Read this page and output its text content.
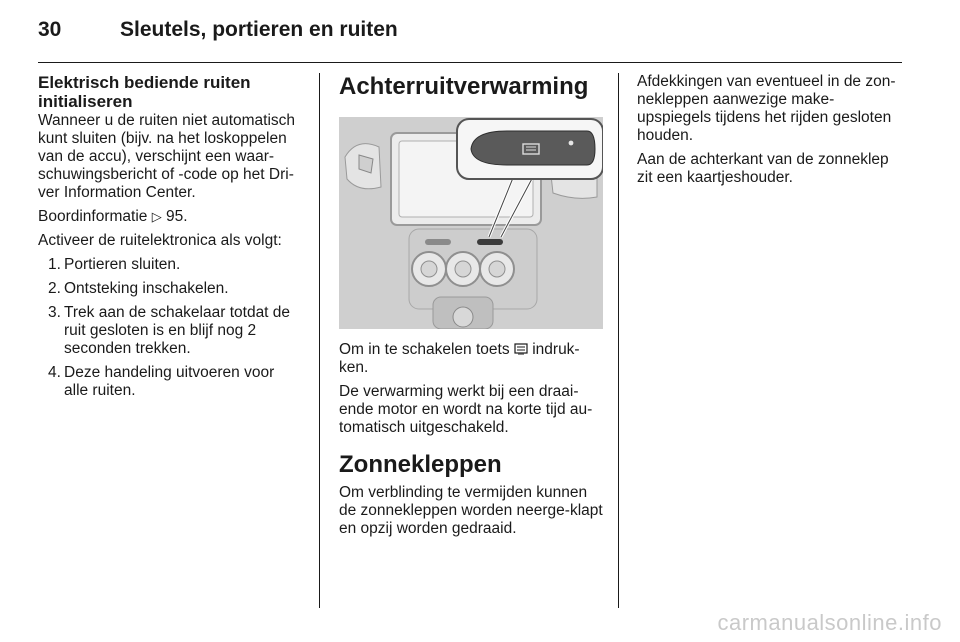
30	Sleutels, portieren en ruiten
Elektrisch bediende ruiten initialiseren

Wanneer u de ruiten niet automatisch kunt sluiten (bijv. na het loskoppelen van de accu), verschijnt een waar-schuwingsbericht of -code op het Dri-ver Information Center.

Boordinformatie ▷ 95.

Activeer de ruitelektronica als volgt:

1. Portieren sluiten.
2. Ontsteking inschakelen.
3. Trek aan de schakelaar totdat de ruit gesloten is en blijf nog 2 seconden trekken.
4. Deze handeling uitvoeren voor alle ruiten.
Achterruitverwarming

Om in te schakelen toets indruk-ken.

De verwarming werkt bij een draai-ende motor en wordt na korte tijd au-tomatisch uitgeschakeld.

Zonnekleppen

Om verblinding te vermijden kunnen de zonnekleppen worden neerge-klapt en opzij worden gedraaid.

Afdekkingen van eventueel in de zon-nekleppen aanwezige make-upspiegels tijdens het rijden gesloten houden.

Aan de achterkant van de zonneklep zit een kaartjeshouder.

carmanualsonline.info
